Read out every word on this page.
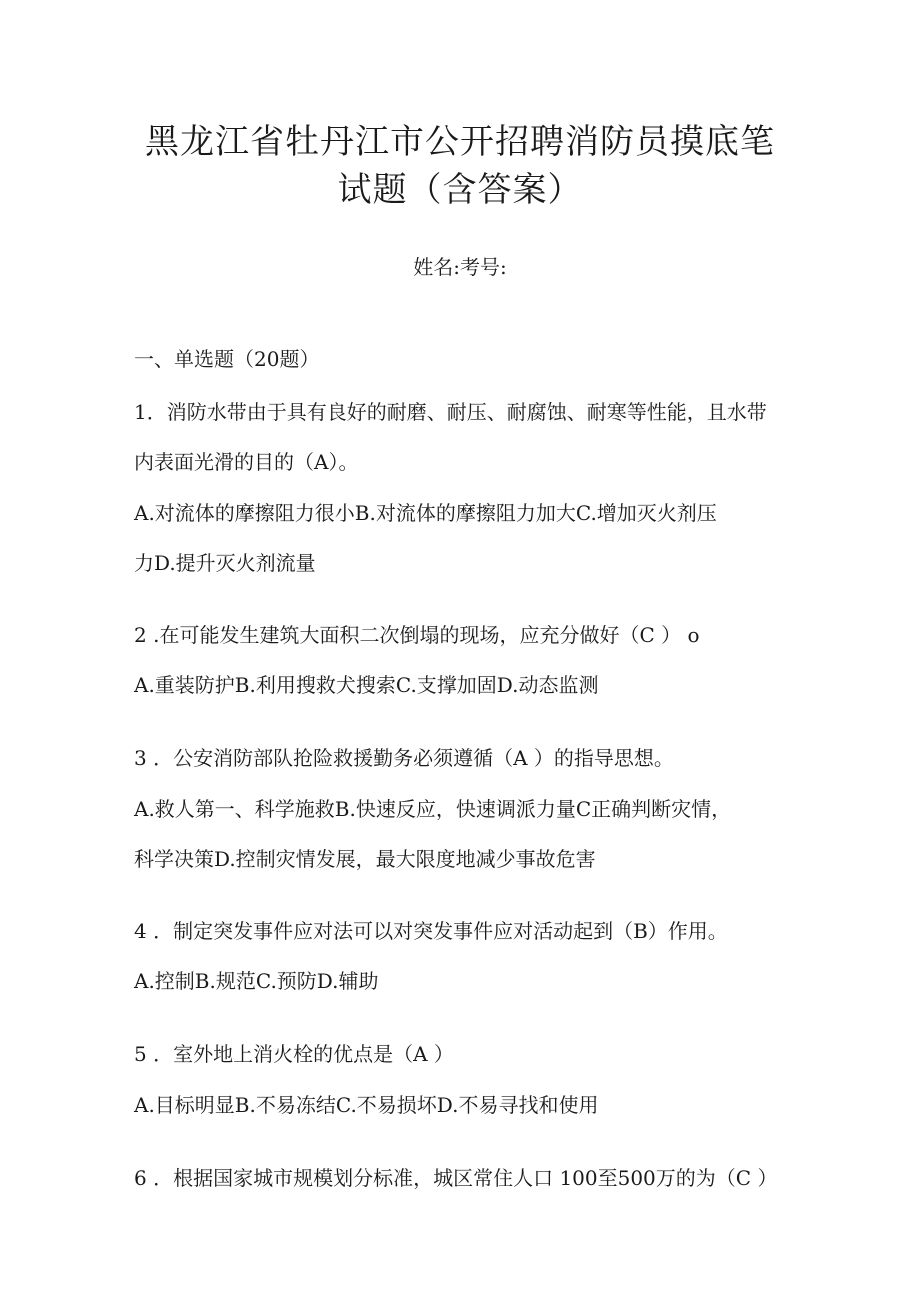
黑龙江省牡丹江市公开招聘消防员摸底笔
试题（含答案）
姓名:考号:
一、单选题（20题）
1．消防水带由于具有良好的耐磨、耐压、耐腐蚀、耐寒等性能，且水带
内表面光滑的目的（A）。
A.对流体的摩擦阻力很小B.对流体的摩擦阻力加大C.增加灭火剂压
力D.提升灭火剂流量
2 .在可能发生建筑大面积二次倒塌的现场，应充分做好（C ） o
A.重装防护B.利用搜救犬搜索C.支撑加固D.动态监测
3 ．公安消防部队抢险救援勤务必须遵循（A ）的指导思想。
A.救人第一、科学施救B.快速反应，快速调派力量C正确判断灾情，
科学决策D.控制灾情发展，最大限度地减少事故危害
4 ．制定突发事件应对法可以对突发事件应对活动起到（B）作用。
A.控制B.规范C.预防D.辅助
5 ．室外地上消火栓的优点是（A ）
A.目标明显B.不易冻结C.不易损坏D.不易寻找和使用
6 ．根据国家城市规模划分标准，城区常住人口 100至500万的为（C ）
